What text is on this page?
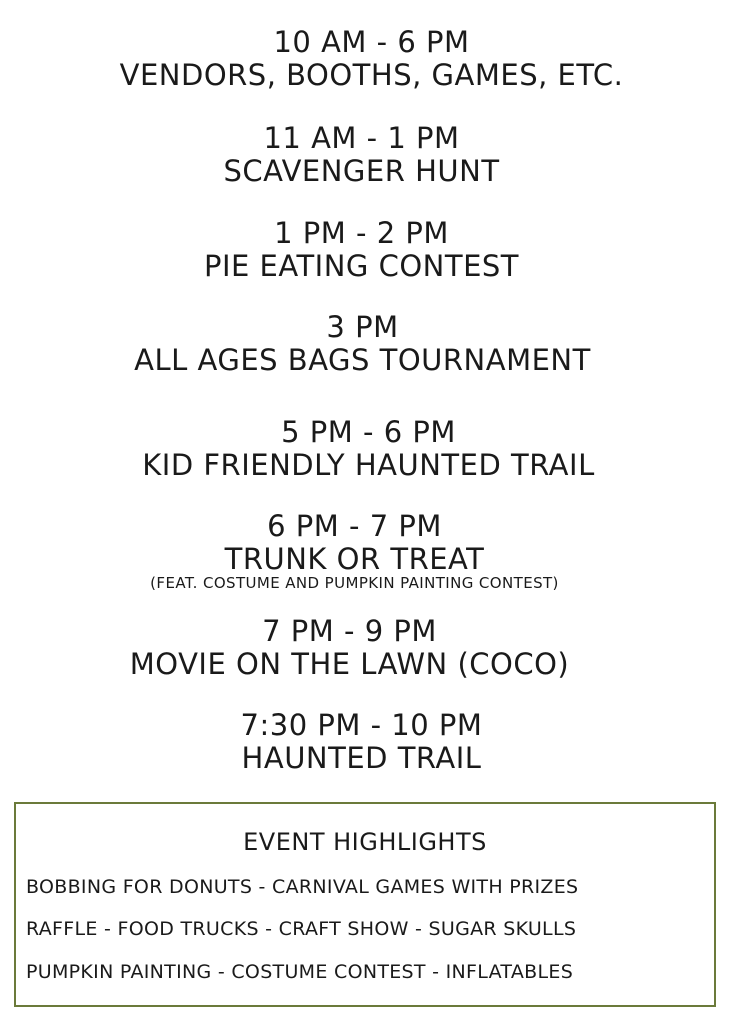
10 AM - 6 PM
VENDORS, BOOTHS, GAMES, ETC.
11 AM - 1 PM
SCAVENGER HUNT
1 PM - 2 PM
PIE EATING CONTEST
3 PM
ALL AGES BAGS TOURNAMENT
5 PM - 6 PM
KID FRIENDLY HAUNTED TRAIL
6 PM - 7 PM
TRUNK OR TREAT
(FEAT. COSTUME AND PUMPKIN PAINTING CONTEST)
7 PM - 9 PM
MOVIE ON THE LAWN (COCO)
7:30 PM - 10 PM
HAUNTED TRAIL
EVENT HIGHLIGHTS
BOBBING FOR DONUTS - CARNIVAL GAMES WITH PRIZES
RAFFLE - FOOD TRUCKS - CRAFT SHOW - SUGAR SKULLS
PUMPKIN PAINTING - COSTUME CONTEST - INFLATABLES
